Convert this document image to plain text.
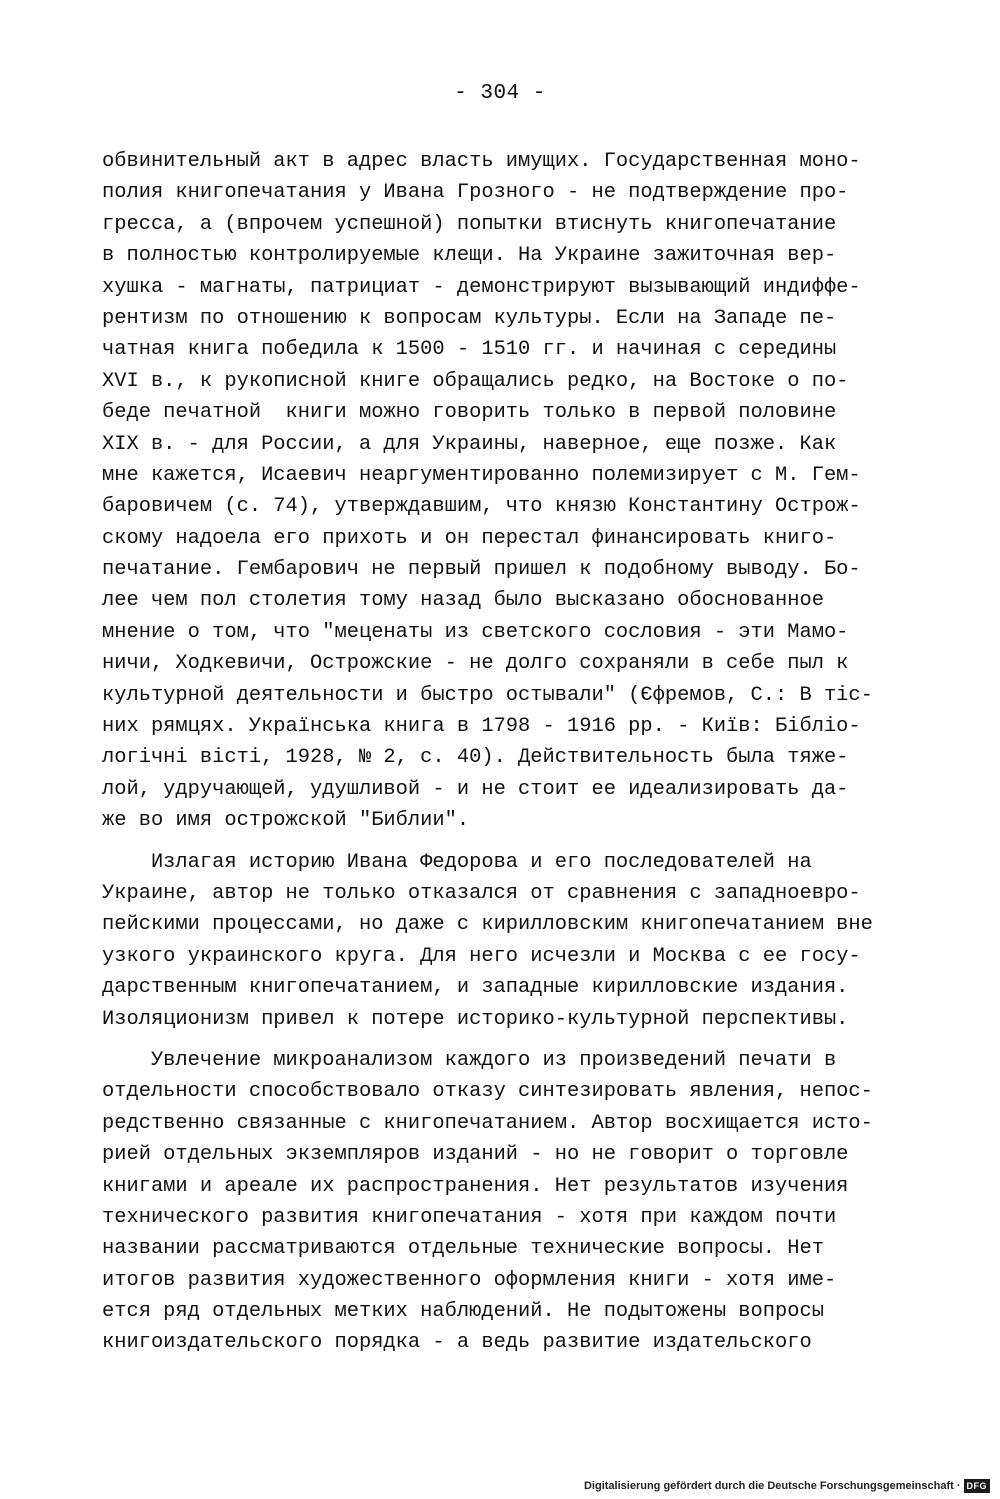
- 304 -
обвинительный акт в адрес власть имущих. Государственная моно-
полия книгопечатания у Ивана Грозного - не подтверждение про-
гресса, а (впрочем успешной) попытки втиснуть книгопечатание
в полностью контролируемые клещи. На Украине зажиточная вер-
хушка - магнаты, патрициат - демонстрируют вызывающий индиффе-
рентизм по отношению к вопросам культуры. Если на Западе пе-
чатная книга победила к 1500 - 1510 гг. и начиная с середины
XVI в., к рукописной книге обращались редко, на Востоке о по-
беде печатной  книги можно говорить только в первой половине
XIX в. - для России, а для Украины, наверное, еще позже. Как
мне кажется, Исаевич неаргументированно полемизирует с М. Гем-
баровичем (с. 74), утверждавшим, что князю Константину Острож-
скому надоела его прихоть и он перестал финансировать книго-
печатание. Гембарович не первый пришел к подобному выводу. Бо-
лее чем пол столетия тому назад было высказано обоснованное
мнение о том, что "меценаты из светского сословия - эти Мамо-
ничи, Ходкевичи, Острожские - не долго сохраняли в себе пыл к
культурной деятельности и быстро остывали" (Єфремов, С.: В тіс-
них рямцях. Українська книга в 1798 - 1916 рр. - Київ: Бібліо-
логічні вісті, 1928, № 2, с. 40). Действительность была тяже-
лой, удручающей, удушливой - и не стоит ее идеализировать да-
же во имя острожской "Библии".
Излагая историю Ивана Федорова и его последователей на
Украине, автор не только отказался от сравнения с западноевро-
пейскими процессами, но даже с кирилловским книгопечатанием вне
узкого украинского круга. Для него исчезли и Москва с ее госу-
дарственным книгопечатанием, и западные кирилловские издания.
Изоляционизм привел к потере историко-культурной перспективы.
Увлечение микроанализом каждого из произведений печати в
отдельности способствовало отказу синтезировать явления, непос-
редственно связанные с книгопечатанием. Автор восхищается исто-
рией отдельных экземпляров изданий - но не говорит о торговле
книгами и ареале их распространения. Нет результатов изучения
технического развития книгопечатания - хотя при каждом почти
названии рассматриваются отдельные технические вопросы. Нет
итогов развития художественного оформления книги - хотя име-
ется ряд отдельных метких наблюдений. Не подытожены вопросы
книгоиздательского порядка - а ведь развитие издательского
Digitalisierung gefördert durch die Deutsche Forschungsgemeinschaft · DFG
